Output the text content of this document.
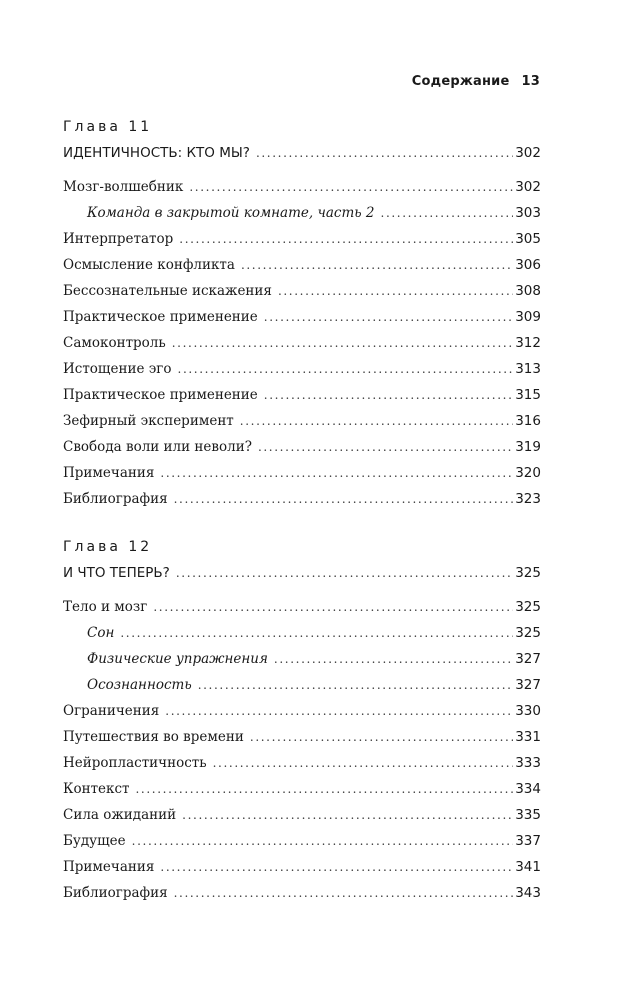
Содержание 13
Глава 11
ИДЕНТИЧНОСТЬ: КТО МЫ? . . .	302
Мозг-волшебник . . .	302
Команда в закрытой комнате, часть 2 . . .	303
Интерпретатор . . .	305
Осмысление конфликта . . .	306
Бессознательные искажения . . .	308
Практическое применение . . .	309
Самоконтроль . . .	312
Истощение эго . . .	313
Практическое применение . . .	315
Зефирный эксперимент . . .	316
Свобода воли или неволи? . . .	319
Примечания . . .	320
Библиография . . .	323
Глава 12
И ЧТО ТЕПЕРЬ? . . .	325
Тело и мозг . . .	325
Сон . . .	325
Физические упражнения . . .	327
Осознанность . . .	327
Ограничения . . .	330
Путешествия во времени . . .	331
Нейропластичность . . .	333
Контекст . . .	334
Сила ожиданий . . .	335
Будущее . . .	337
Примечания . . .	341
Библиография . . .	343
